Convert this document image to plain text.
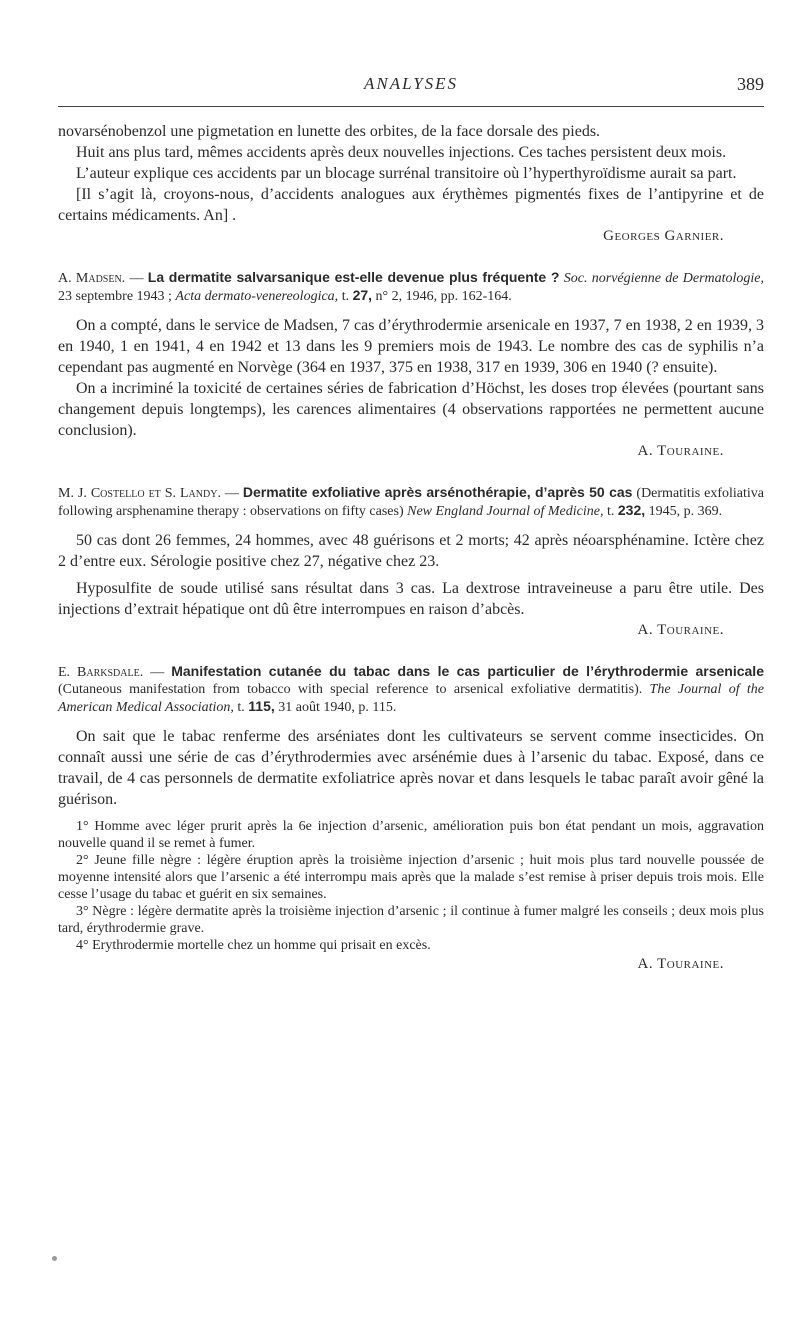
ANALYSES	389

novarsénobenzol une pigmetation en lunette des orbites, de la face dorsale des pieds.

Huit ans plus tard, mêmes accidents après deux nouvelles injections. Ces taches persistent deux mois.

L’auteur explique ces accidents par un blocage surrénal transitoire où l’hyperthyroïdisme aurait sa part.

[Il s’agit là, croyons-nous, d’accidents analogues aux érythèmes pigmentés fixes de l’antipyrine et de certains médicaments. An] .

Georges Garnier.

A. Madsen. — La dermatite salvarsanique est-elle devenue plus fréquente ? Soc. norvégienne de Dermatologie, 23 septembre 1943 ; Acta dermato-venereologica, t. 27, n° 2, 1946, pp. 162-164.

On a compté, dans le service de Madsen, 7 cas d’érythrodermie arsenicale en 1937, 7 en 1938, 2 en 1939, 3 en 1940, 1 en 1941, 4 en 1942 et 13 dans les 9 premiers mois de 1943. Le nombre des cas de syphilis n’a cependant pas augmenté en Norvège (364 en 1937, 375 en 1938, 317 en 1939, 306 en 1940 (? ensuite).

On a incriminé la toxicité de certaines séries de fabrication d’Höchst, les doses trop élevées (pourtant sans changement depuis longtemps), les carences alimentaires (4 observations rapportées ne permettent aucune conclusion).

A. Touraine.

M. J. Costello et S. Landy. — Dermatite exfoliative après arsénothérapie, d’après 50 cas (Dermatitis exfoliativa following arsphenamine therapy : observations on fifty cases) New England Journal of Medicine, t. 232, 1945, p. 369.

50 cas dont 26 femmes, 24 hommes, avec 48 guérisons et 2 morts; 42 après néoarsphénamine. Ictère chez 2 d’entre eux. Sérologie positive chez 27, négative chez 23.

Hyposulfite de soude utilisé sans résultat dans 3 cas. La dextrose intraveineuse a paru être utile. Des injections d’extrait hépatique ont dû être interrompues en raison d’abcès.

A. Touraine.

E. Barksdale. — Manifestation cutanée du tabac dans le cas particulier de l’érythrodermie arsenicale (Cutaneous manifestation from tobacco with special reference to arsenical exfoliative dermatitis). The Journal of the American Medical Association, t. 115, 31 août 1940, p. 115.

On sait que le tabac renferme des arséniates dont les cultivateurs se servent comme insecticides. On connaît aussi une série de cas d’érythrodermies avec arsénémie dues à l’arsenic du tabac. Exposé, dans ce travail, de 4 cas personnels de dermatite exfoliatrice après novar et dans lesquels le tabac paraît avoir gêné la guérison.

1° Homme avec léger prurit après la 6e injection d’arsenic, amélioration puis bon état pendant un mois, aggravation nouvelle quand il se remet à fumer.

2° Jeune fille nègre : légère éruption après la troisième injection d’arsenic ; huit mois plus tard nouvelle poussée de moyenne intensité alors que l’arsenic a été interrompu mais après que la malade s’est remise à priser depuis trois mois. Elle cesse l’usage du tabac et guérit en six semaines.

3° Nègre : légère dermatite après la troisième injection d’arsenic ; il continue à fumer malgré les conseils ; deux mois plus tard, érythrodermie grave.

4° Erythrodermie mortelle chez un homme qui prisait en excès.

A. Touraine.
